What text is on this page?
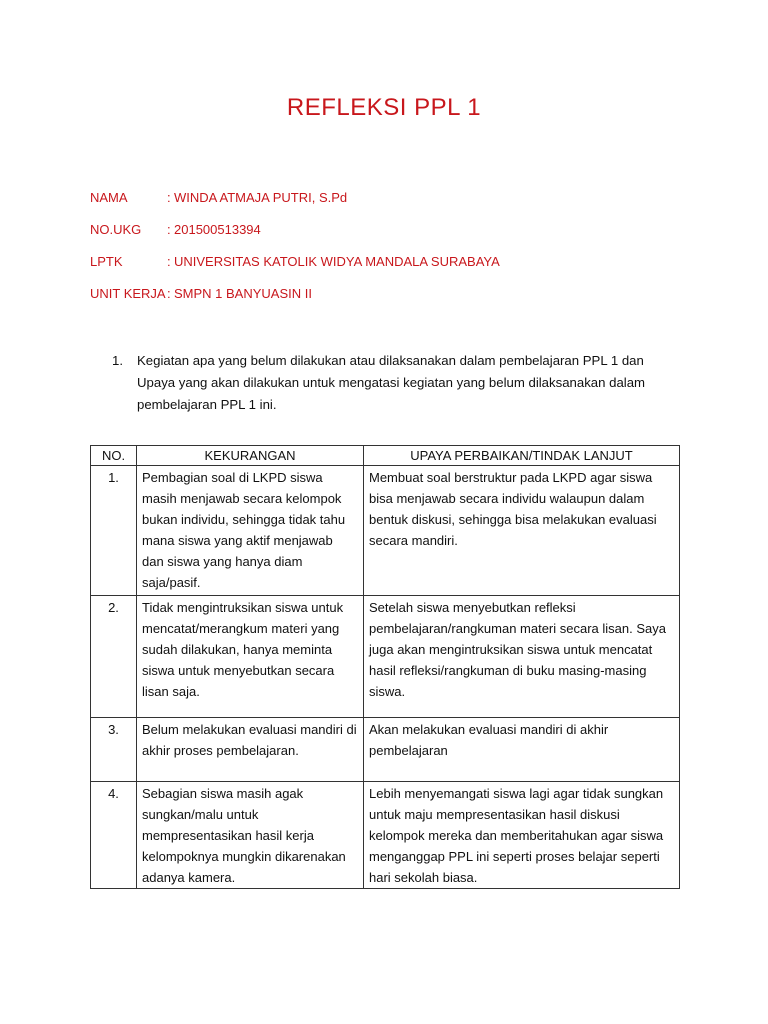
REFLEKSI PPL 1
NAMA	: WINDA ATMAJA PUTRI, S.Pd
NO.UKG	: 201500513394
LPTK	: UNIVERSITAS KATOLIK WIDYA MANDALA SURABAYA
UNIT KERJA : SMPN 1 BANYUASIN II
1.	Kegiatan apa yang belum dilakukan atau dilaksanakan dalam pembelajaran PPL 1 dan Upaya yang akan dilakukan untuk mengatasi kegiatan yang belum dilaksanakan dalam pembelajaran PPL 1 ini.
NO.	KEKURANGAN	UPAYA PERBAIKAN/TINDAK LANJUT
1.	Pembagian soal di LKPD siswa masih menjawab secara kelompok bukan individu, sehingga tidak tahu mana siswa yang aktif menjawab dan siswa yang hanya diam saja/pasif.	Membuat soal berstruktur pada LKPD agar siswa bisa menjawab secara individu walaupun dalam bentuk diskusi, sehingga bisa melakukan evaluasi secara mandiri.
2.	Tidak mengintruksikan siswa untuk mencatat/merangkum materi yang sudah dilakukan, hanya meminta siswa untuk menyebutkan secara lisan saja.	Setelah siswa menyebutkan refleksi pembelajaran/rangkuman materi secara lisan. Saya juga akan mengintruksikan siswa untuk mencatat hasil refleksi/rangkuman di buku masing-masing siswa.
3.	Belum melakukan evaluasi mandiri di akhir proses pembelajaran.	Akan melakukan evaluasi mandiri di akhir pembelajaran
4.	Sebagian siswa masih agak sungkan/malu untuk mempresentasikan hasil kerja kelompoknya mungkin dikarenakan adanya kamera.	Lebih menyemangati siswa lagi agar tidak sungkan untuk maju mempresentasikan hasil diskusi kelompok mereka dan memberitahukan agar siswa menganggap PPL ini seperti proses belajar seperti hari sekolah biasa.
